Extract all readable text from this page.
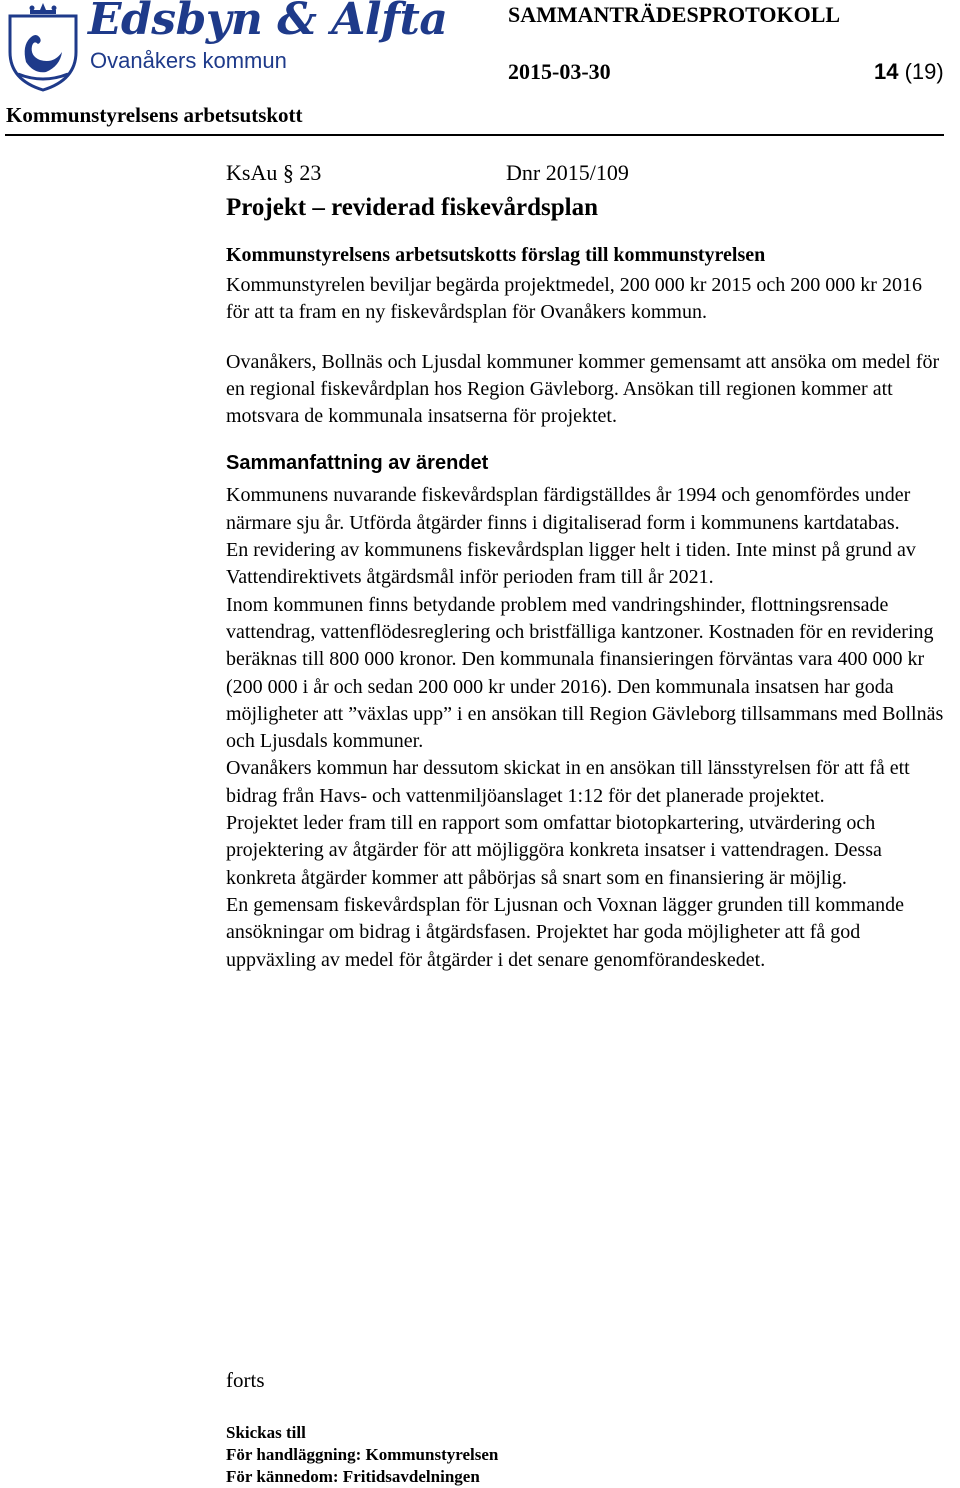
Edsbyn & Alfta
Ovanåkers kommun
SAMMANTRÄDESPROTOKOLL
2015-03-30	14 (19)
Kommunstyrelsens arbetsutskott
KsAu § 23	Dnr 2015/109
Projekt – reviderad fiskevårdsplan
Kommunstyrelsens arbetsutskotts förslag till kommunstyrelsen

Kommunstyrelen beviljar begärda projektmedel, 200 000 kr 2015 och 200 000 kr 2016 för att ta fram en ny fiskevårdsplan för Ovanåkers kommun.

Ovanåkers, Bollnäs och Ljusdal kommuner kommer gemensamt att ansöka om medel för en regional fiskevårdplan hos Region Gävleborg. Ansökan till regionen kommer att motsvara de kommunala insatserna för projektet.

Sammanfattning av ärendet

Kommunens nuvarande fiskevårdsplan färdigställdes år 1994 och genomfördes under närmare sju år. Utförda åtgärder finns i digitaliserad form i kommunens kartdatabas.

En revidering av kommunens fiskevårdsplan ligger helt i tiden. Inte minst på grund av Vattendirektivets åtgärdsmål inför perioden fram till år 2021.

Inom kommunen finns betydande problem med vandringshinder, flottningsrensade vattendrag, vattenflödesreglering och bristfälliga kantzoner. Kostnaden för en revidering beräknas till 800 000 kronor. Den kommunala finansieringen förväntas vara 400 000 kr (200 000 i år och sedan 200 000 kr under 2016). Den kommunala insatsen har goda möjligheter att ”växlas upp” i en ansökan till Region Gävleborg tillsammans med Bollnäs och Ljusdals kommuner.

Ovanåkers kommun har dessutom skickat in en ansökan till länsstyrelsen för att få ett bidrag från Havs- och vattenmiljöanslaget 1:12 för det planerade projektet.

Projektet leder fram till en rapport som omfattar biotopkartering, utvärdering och projektering av åtgärder för att möjliggöra konkreta insatser i vattendragen. Dessa konkreta åtgärder kommer att påbörjas så snart som en finansiering är möjlig.

En gemensam fiskevårdsplan för Ljusnan och Voxnan lägger grunden till kommande ansökningar om bidrag i åtgärdsfasen. Projektet har goda möjligheter att få god uppväxling av medel för åtgärder i det senare genomförandeskedet.

forts
Skickas till
För handläggning: Kommunstyrelsen
För kännedom: Fritidsavdelningen
